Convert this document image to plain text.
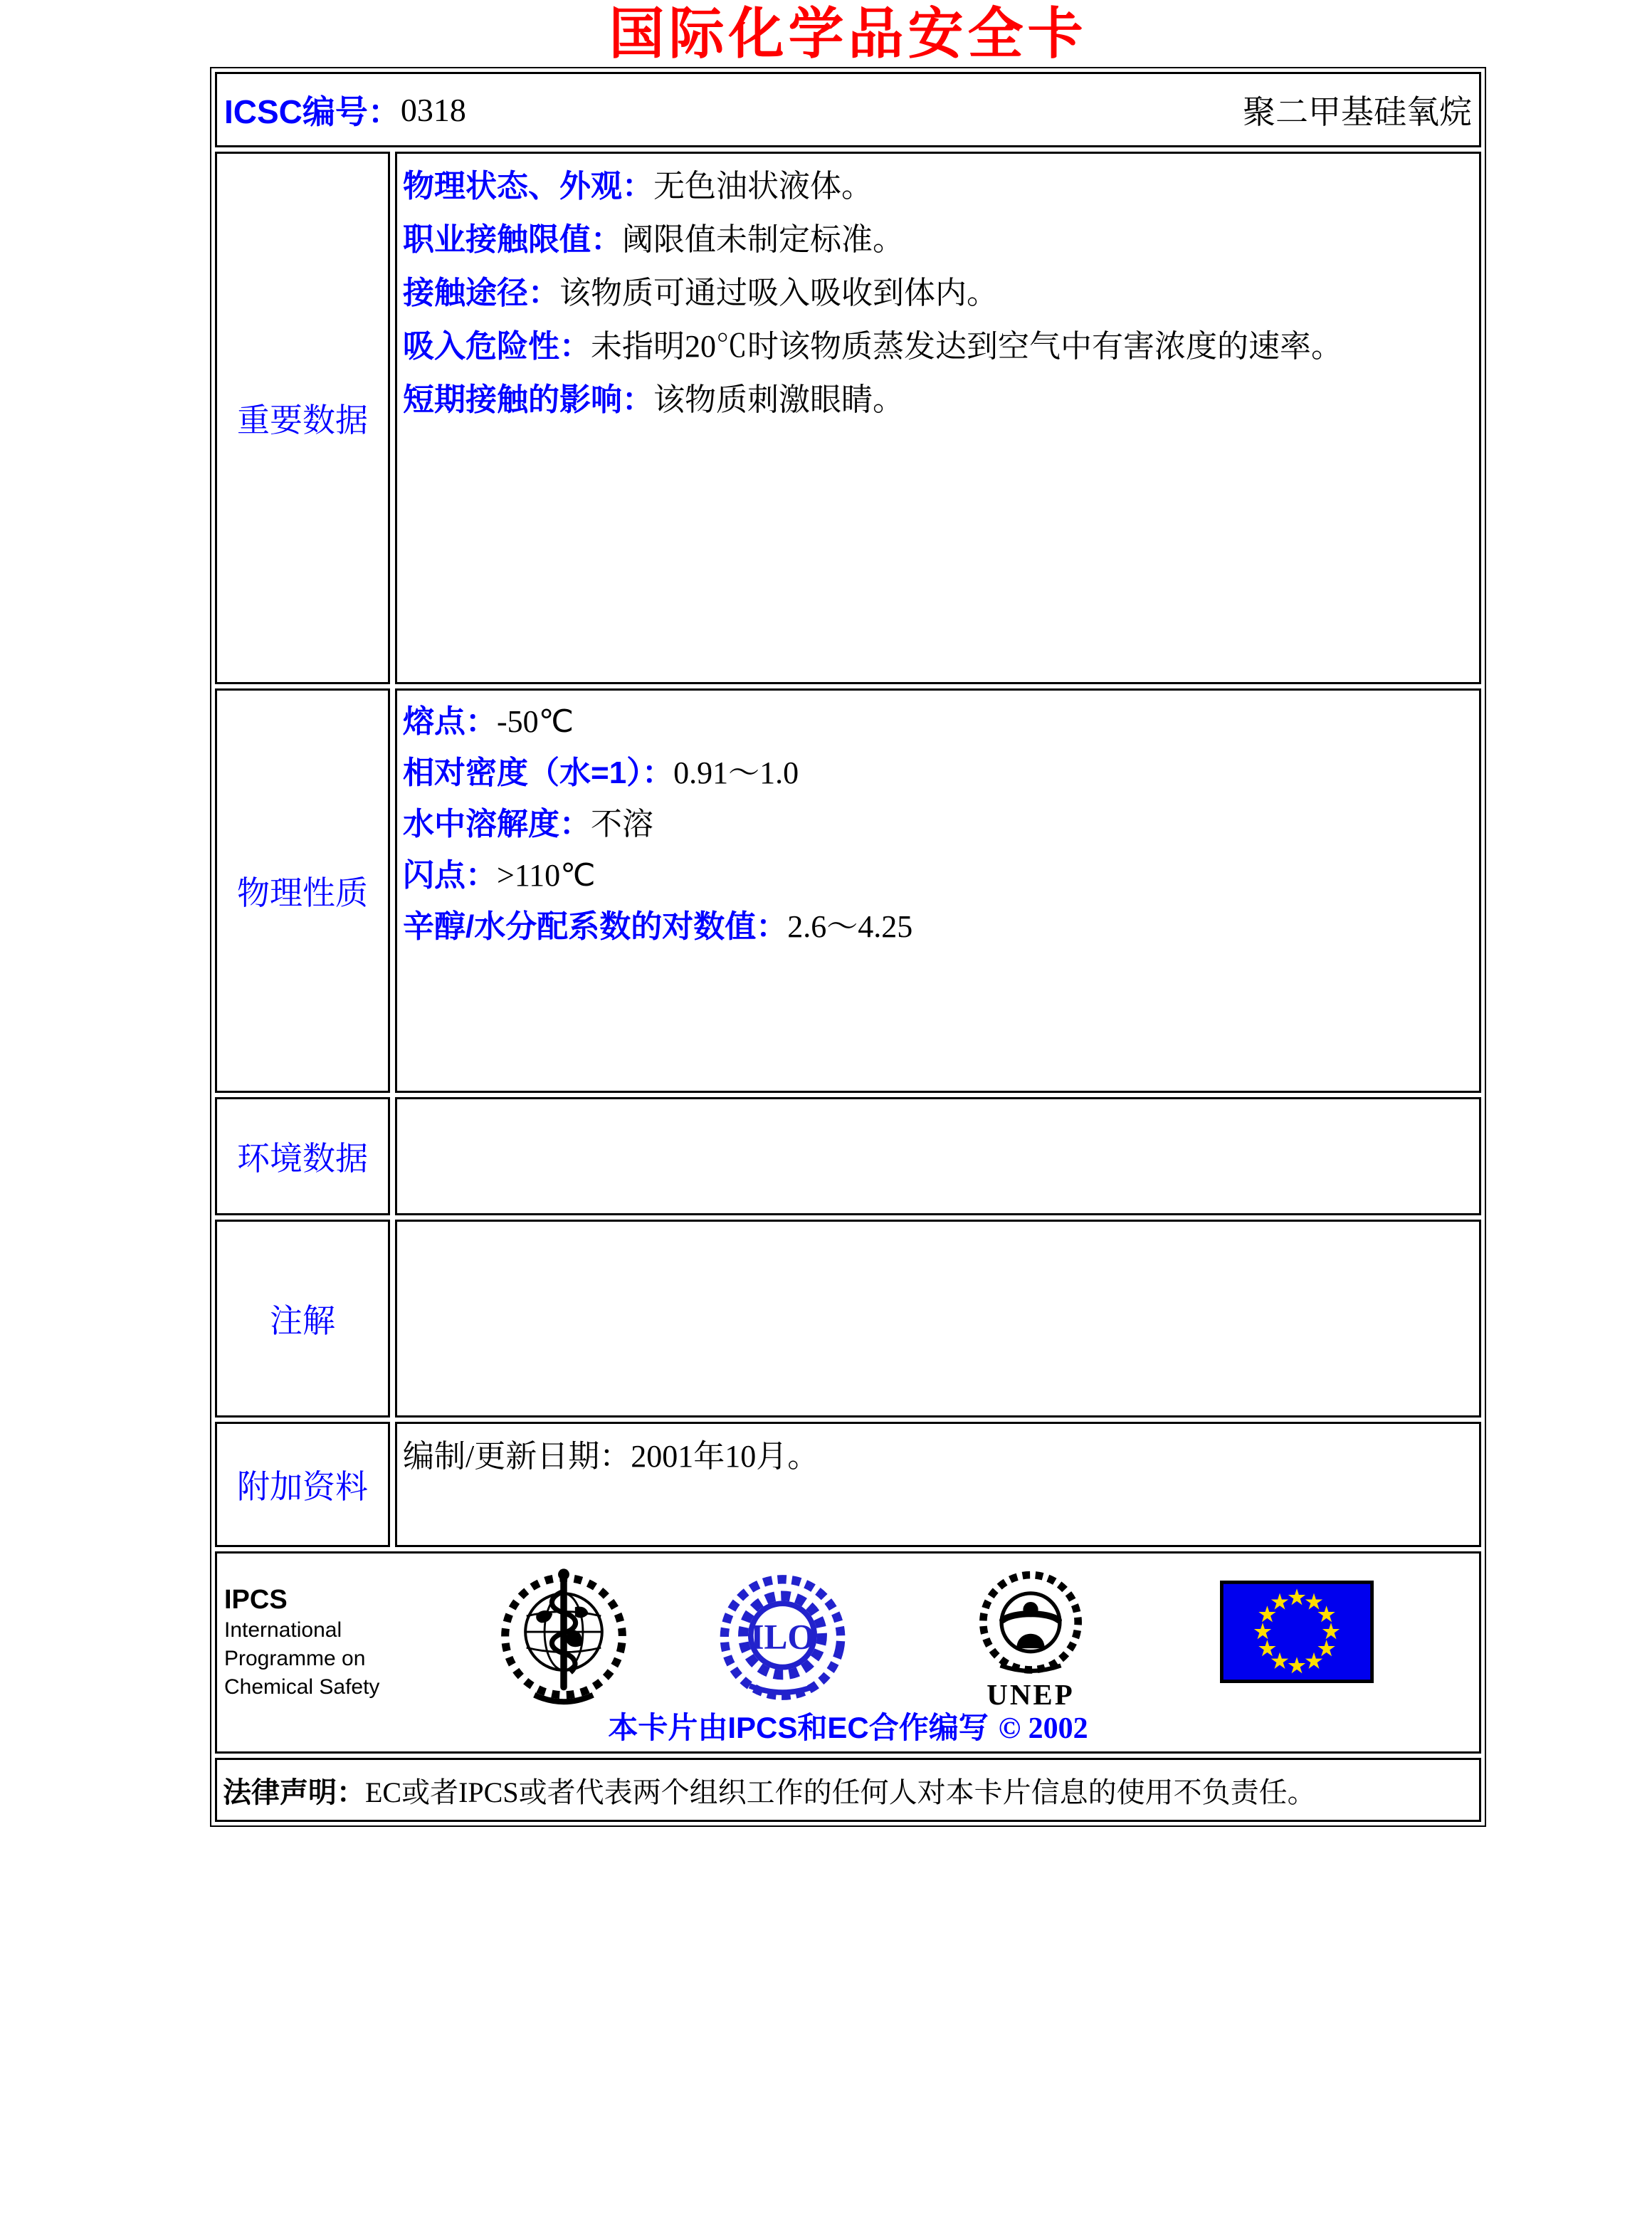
国际化学品安全卡
ICSC编号： 0318	聚二甲基硅氧烷
重要数据
物理状态、外观：无色油状液体。
职业接触限值：阈限值未制定标准。
接触途径：该物质可通过吸入吸收到体内。
吸入危险性：未指明20℃时该物质蒸发达到空气中有害浓度的速率。
短期接触的影响：该物质刺激眼睛。
物理性质
熔点：-50℃
相对密度（水=1）：0.91～1.0
水中溶解度：不溶
闪点：>110℃
辛醇/水分配系数的对数值：2.6～4.25
环境数据
注解
附加资料
编制/更新日期：2001年10月。
IPCS
International
Programme on
Chemical Safety
ILO
UNEP
本卡片由IPCS和EC合作编写 © 2002
法律声明： EC或者IPCS或者代表两个组织工作的任何人对本卡片信息的使用不负责任。
